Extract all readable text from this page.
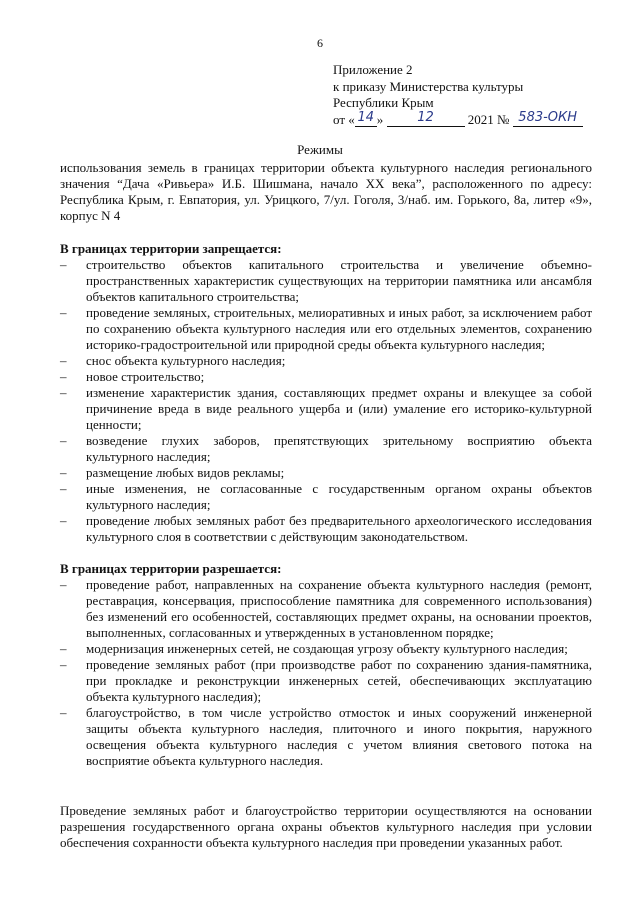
6
Приложение 2
к приказу Министерства культуры
Республики Крым
от « 14 »	12	2021 № 583-ОКН
Режимы

использования земель в границах территории объекта культурного наследия регионального значения “Дача «Ривьера» И.Б. Шишмана, начало XX века”, расположенного по адресу: Республика Крым, г. Евпатория, ул. Урицкого, 7/ул. Гоголя, 3/наб. им. Горького, 8а, литер «9», корпус N 4

В границах территории запрещается:

– строительство объектов капитального строительства и увеличение объемно-пространственных характеристик существующих на территории памятника или ансамбля объектов капитального строительства;
– проведение земляных, строительных, мелиоративных и иных работ, за исключением работ по сохранению объекта культурного наследия или его отдельных элементов, сохранению историко-градостроительной или природной среды объекта культурного наследия;
– снос объекта культурного наследия;
– новое строительство;
– изменение характеристик здания, составляющих предмет охраны и влекущее за собой причинение вреда в виде реального ущерба и (или) умаление его историко-культурной ценности;
– возведение глухих заборов, препятствующих зрительному восприятию объекта культурного наследия;
– размещение любых видов рекламы;
– иные изменения, не согласованные с государственным органом охраны объектов культурного наследия;
– проведение любых земляных работ без предварительного археологического исследования культурного слоя в соответствии с действующим законодательством.

В границах территории разрешается:

– проведение работ, направленных на сохранение объекта культурного наследия (ремонт, реставрация, консервация, приспособление памятника для современного использования) без изменений его особенностей, составляющих предмет охраны, на основании проектов, выполненных, согласованных и утвержденных в установленном порядке;
– модернизация инженерных сетей, не создающая угрозу объекту культурного наследия;
– проведение земляных работ (при производстве работ по сохранению здания-памятника, при прокладке и реконструкции инженерных сетей, обеспечивающих эксплуатацию объекта культурного наследия);
– благоустройство, в том числе устройство отмосток и иных сооружений инженерной защиты объекта культурного наследия, плиточного и иного покрытия, наружного освещения объекта культурного наследия с учетом влияния светового потока на восприятие объекта культурного наследия.

Проведение земляных работ и благоустройство территории осуществляются на основании разрешения государственного органа охраны объектов культурного наследия при условии обеспечения сохранности объекта культурного наследия при проведении указанных работ.
